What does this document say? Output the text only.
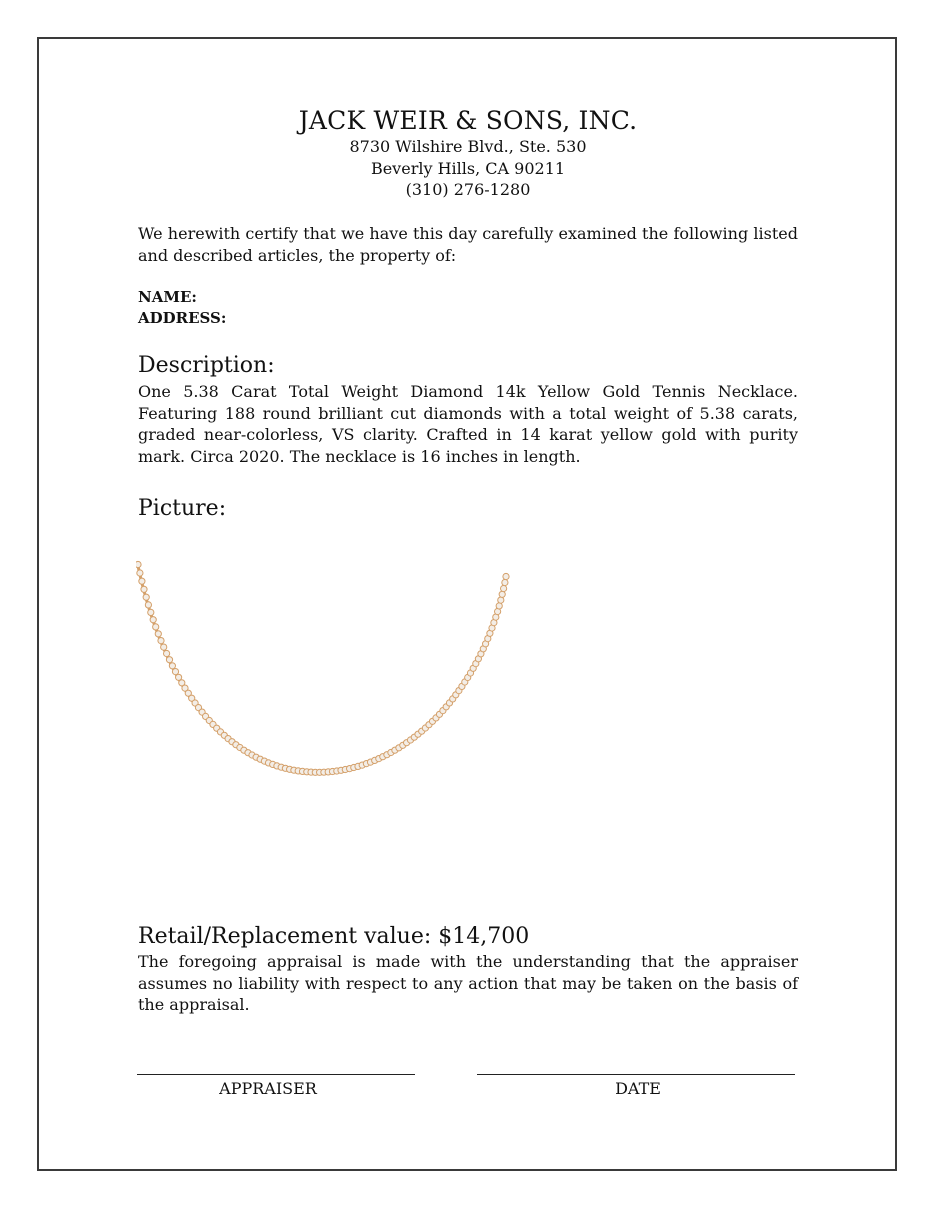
JACK WEIR & SONS, INC.
8730 Wilshire Blvd., Ste. 530
Beverly Hills, CA 90211
(310) 276-1280
We herewith certify that we have this day carefully examined the following listed and described articles, the property of:
NAME:
ADDRESS:
Description:
One 5.38 Carat Total Weight Diamond 14k Yellow Gold Tennis Necklace. Featuring 188 round brilliant cut diamonds with a total weight of 5.38 carats, graded near-colorless, VS clarity. Crafted in 14 karat yellow gold with purity mark. Circa 2020. The necklace is 16 inches in length.
Picture:
Retail/Replacement value: $14,700
The foregoing appraisal is made with the understanding that the appraiser assumes no liability with respect to any action that may be taken on the basis of the appraisal.
APPRAISER	DATE
